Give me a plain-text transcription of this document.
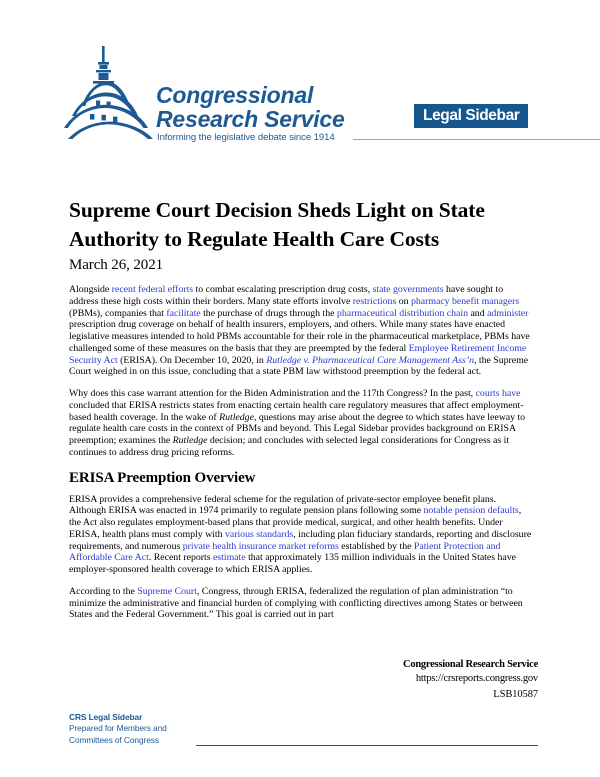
Congressional
Research Service
Informing the legislative debate since 1914
Legal Sidebar
Supreme Court Decision Sheds Light on State Authority to Regulate Health Care Costs
March 26, 2021

Alongside recent federal efforts to combat escalating prescription drug costs, state governments have sought to address these high costs within their borders. Many state efforts involve restrictions on pharmacy benefit managers (PBMs), companies that facilitate the purchase of drugs through the pharmaceutical distribution chain and administer prescription drug coverage on behalf of health insurers, employers, and others. While many states have enacted legislative measures intended to hold PBMs accountable for their role in the pharmaceutical marketplace, PBMs have challenged some of these measures on the basis that they are preempted by the federal Employee Retirement Income Security Act (ERISA). On December 10, 2020, in Rutledge v. Pharmaceutical Care Management Ass’n, the Supreme Court weighed in on this issue, concluding that a state PBM law withstood preemption by the federal act.

Why does this case warrant attention for the Biden Administration and the 117th Congress? In the past, courts have concluded that ERISA restricts states from enacting certain health care regulatory measures that affect employment-based health coverage. In the wake of Rutledge, questions may arise about the degree to which states have leeway to regulate health care costs in the context of PBMs and beyond. This Legal Sidebar provides background on ERISA preemption; examines the Rutledge decision; and concludes with selected legal considerations for Congress as it continues to address drug pricing reforms.

ERISA Preemption Overview

ERISA provides a comprehensive federal scheme for the regulation of private-sector employee benefit plans. Although ERISA was enacted in 1974 primarily to regulate pension plans following some notable pension defaults, the Act also regulates employment-based plans that provide medical, surgical, and other health benefits. Under ERISA, health plans must comply with various standards, including plan fiduciary standards, reporting and disclosure requirements, and numerous private health insurance market reforms established by the Patient Protection and Affordable Care Act. Recent reports estimate that approximately 135 million individuals in the United States have employer-sponsored health coverage to which ERISA applies.

According to the Supreme Court, Congress, through ERISA, federalized the regulation of plan administration “to minimize the administrative and financial burden of complying with conflicting directives among States or between States and the Federal Government.” This goal is carried out in part

Congressional Research Service
https://crsreports.congress.gov
LSB10587
CRS Legal Sidebar
Prepared for Members and
Committees of Congress
